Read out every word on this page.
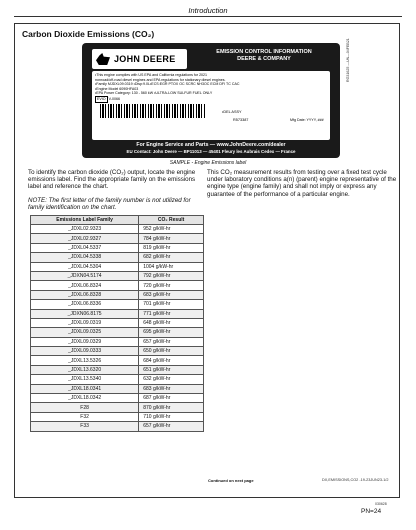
Introduction
Carbon Dioxide Emissions (CO₂)
JOHN DEERE
EMISSION CONTROL INFORMATION
DEERE & COMPANY
•This engine complies with US EPA and California regulations for 2021
nonroad/off-road diesel engines and EPA regulations for stationary diesel engines.
•Family MJDXL09.0319 •Disp:9.0L•ECS:EGR PTOX OC SCRC NH3OC ECM DFI TC CAC
•Engine Model 6090HFA03
•EPA Power Category: 130 - 560 kW •ULTRA-LOW SULFUR FUEL ONLY
EVIO V-0066
•DEL ASSY
R573387	Mfg Date: YYYY, ###
For Engine Service and Parts — www.JohnDeere.com/dealer
EU Contact: John Deere — BP11013 — 45401 Fleury les Aubrais Cedex — France
RG31625 —UN—04FEB21
SAMPLE - Engine Emissions label
To identify the carbon dioxide (CO₂) output, locate the engine emissions label. Find the appropriate family on the emissions label and reference the chart.
NOTE: The first letter of the family number is not utilized for family identification on the chart.
This CO₂ measurement results from testing over a fixed test cycle under laboratory conditions a(n) (parent) engine representative of the engine type (engine family) and shall not imply or express any guarantee of the performance of a particular engine.
Emissions Label Family	CO₂ Result
_JDXL02.9323	952 g/kW-hr
_JDXL02.9327	784 g/kW-hr
_JDXL04.5337	819 g/kW-hr
_JDXL04.5338	682 g/kW-hr
_JDXL04.5304	1004 g/kW-hr
_JDXN04.5174	792 g/kW-hr
_JDXL06.8324	720 g/kW-hr
_JDXL06.8328	683 g/kW-hr
_JDXL06.8336	701 g/kW-hr
_JDXN06.8175	771 g/kW-hr
_JDXL09.0319	648 g/kW-hr
_JDXL09.0325	695 g/kW-hr
_JDXL09.0329	657 g/kW-hr
_JDXL09.0333	650 g/kW-hr
_JDXL13.5326	684 g/kW-hr
_JDXL13.6320	651 g/kW-hr
_JDXL13.5340	632 g/kW-hr
_JDXL18.0341	683 g/kW-hr
_JDXL18.0342	687 g/kW-hr
F28	870 g/kW-hr
F32	710 g/kW-hr
F33	657 g/kW-hr
Continued on next page	DX,EMISSIONS,CO2 -19-23JUN23-1/2
030628
PN=24
